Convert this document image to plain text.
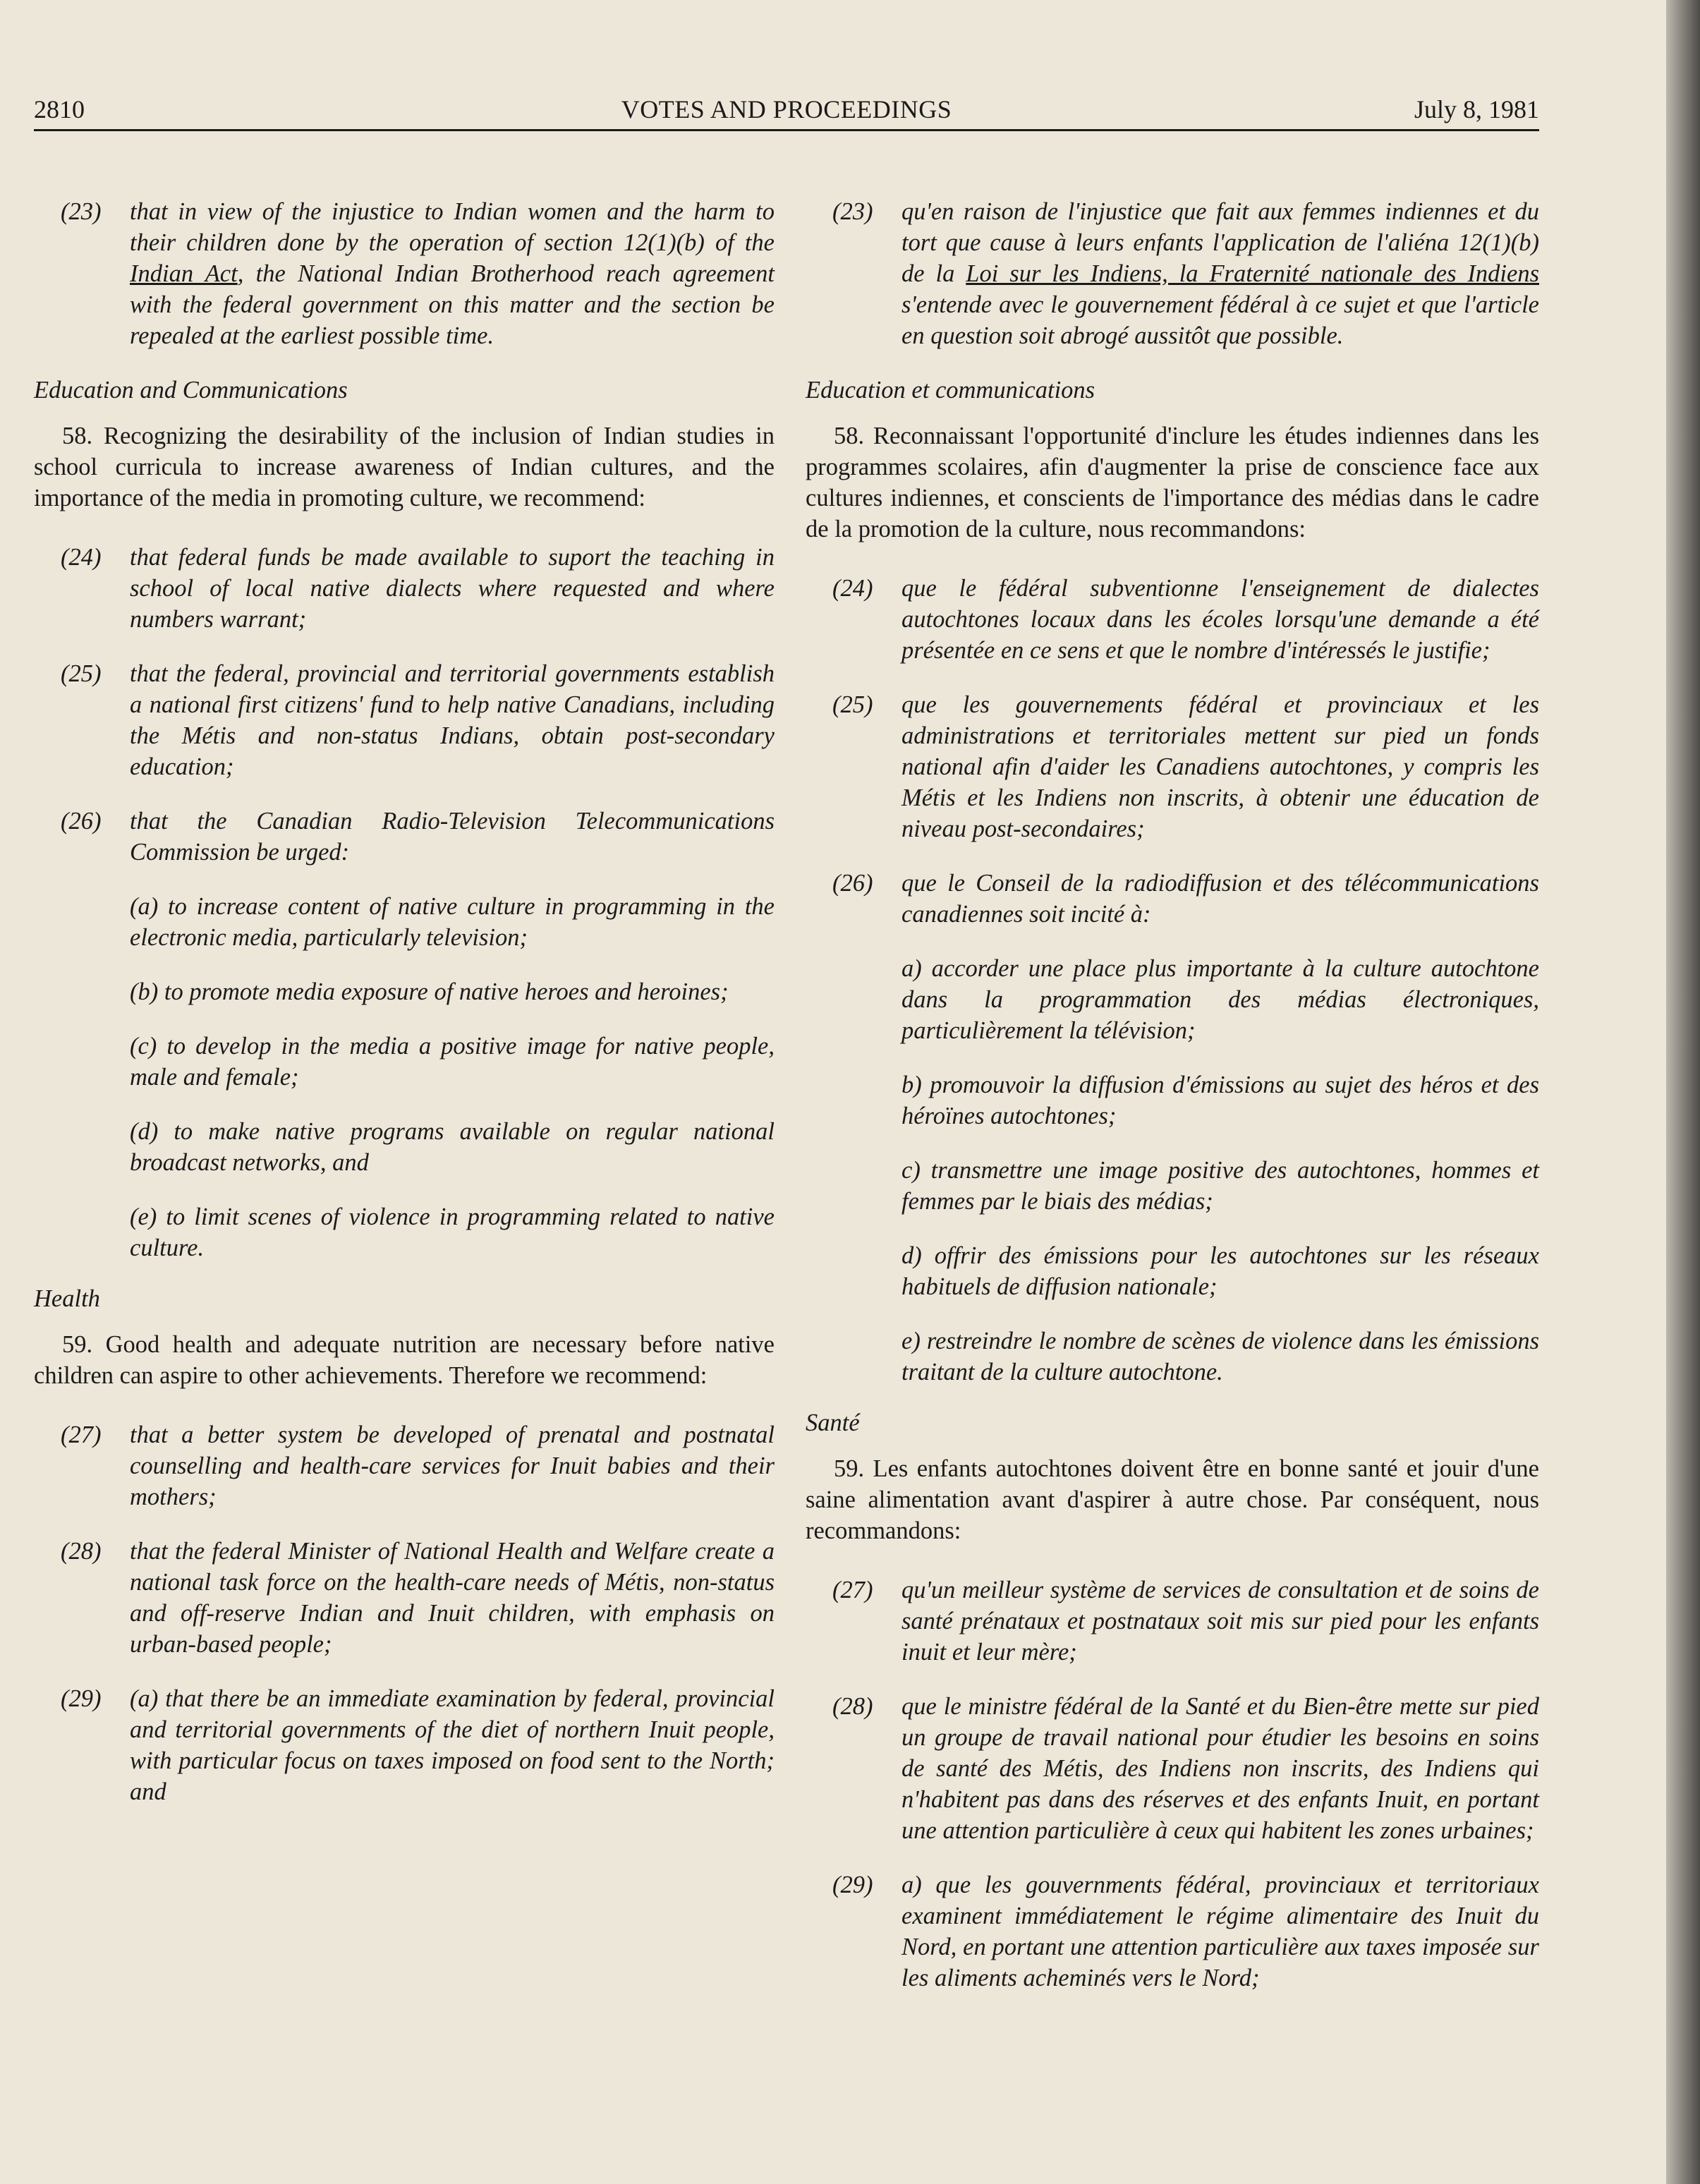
2810	VOTES AND PROCEEDINGS	July 8, 1981
(23) that in view of the injustice to Indian women and the harm to their children done by the operation of section 12(1)(b) of the Indian Act, the National Indian Brotherhood reach agreement with the federal government on this matter and the section be repealed at the earliest possible time.
Education and Communications
58. Recognizing the desirability of the inclusion of Indian studies in school curricula to increase awareness of Indian cultures, and the importance of the media in promoting culture, we recommend:
(24) that federal funds be made available to suport the teaching in school of local native dialects where requested and where numbers warrant;
(25) that the federal, provincial and territorial governments establish a national first citizens' fund to help native Canadians, including the Métis and non-status Indians, obtain post-secondary education;
(26) that the Canadian Radio-Television Telecommunications Commission be urged:
(a) to increase content of native culture in programming in the electronic media, particularly television;
(b) to promote media exposure of native heroes and heroines;
(c) to develop in the media a positive image for native people, male and female;
(d) to make native programs available on regular national broadcast networks, and
(e) to limit scenes of violence in programming related to native culture.
Health
59. Good health and adequate nutrition are necessary before native children can aspire to other achievements. Therefore we recommend:
(27) that a better system be developed of prenatal and postnatal counselling and health-care services for Inuit babies and their mothers;
(28) that the federal Minister of National Health and Welfare create a national task force on the health-care needs of Métis, non-status and off-reserve Indian and Inuit children, with emphasis on urban-based people;
(29) (a) that there be an immediate examination by federal, provincial and territorial governments of the diet of northern Inuit people, with particular focus on taxes imposed on food sent to the North; and
(23) qu'en raison de l'injustice que fait aux femmes indiennes et du tort que cause à leurs enfants l'application de l'aliéna 12(1)(b) de la Loi sur les Indiens, la Fraternité nationale des Indiens s'entende avec le gouvernement fédéral à ce sujet et que l'article en question soit abrogé aussitôt que possible.
Education et communications
58. Reconnaissant l'opportunité d'inclure les études indiennes dans les programmes scolaires, afin d'augmenter la prise de conscience face aux cultures indiennes, et conscients de l'importance des médias dans le cadre de la promotion de la culture, nous recommandons:
(24) que le fédéral subventionne l'enseignement de dialectes autochtones locaux dans les écoles lorsqu'une demande a été présentée en ce sens et que le nombre d'intéressés le justifie;
(25) que les gouvernements fédéral et provinciaux et les administrations et territoriales mettent sur pied un fonds national afin d'aider les Canadiens autochtones, y compris les Métis et les Indiens non inscrits, à obtenir une éducation de niveau post-secondaires;
(26) que le Conseil de la radiodiffusion et des télécommunications canadiennes soit incité à:
a) accorder une place plus importante à la culture autochtone dans la programmation des médias électroniques, particulièrement la télévision;
b) promouvoir la diffusion d'émissions au sujet des héros et des héroïnes autochtones;
c) transmettre une image positive des autochtones, hommes et femmes par le biais des médias;
d) offrir des émissions pour les autochtones sur les réseaux habituels de diffusion nationale;
e) restreindre le nombre de scènes de violence dans les émissions traitant de la culture autochtone.
Santé
59. Les enfants autochtones doivent être en bonne santé et jouir d'une saine alimentation avant d'aspirer à autre chose. Par conséquent, nous recommandons:
(27) qu'un meilleur système de services de consultation et de soins de santé prénataux et postnataux soit mis sur pied pour les enfants inuit et leur mère;
(28) que le ministre fédéral de la Santé et du Bien-être mette sur pied un groupe de travail national pour étudier les besoins en soins de santé des Métis, des Indiens non inscrits, des Indiens qui n'habitent pas dans des réserves et des enfants Inuit, en portant une attention particulière à ceux qui habitent les zones urbaines;
(29) a) que les gouvernments fédéral, provinciaux et territoriaux examinent immédiatement le régime alimentaire des Inuit du Nord, en portant une attention particulière aux taxes imposée sur les aliments acheminés vers le Nord;
